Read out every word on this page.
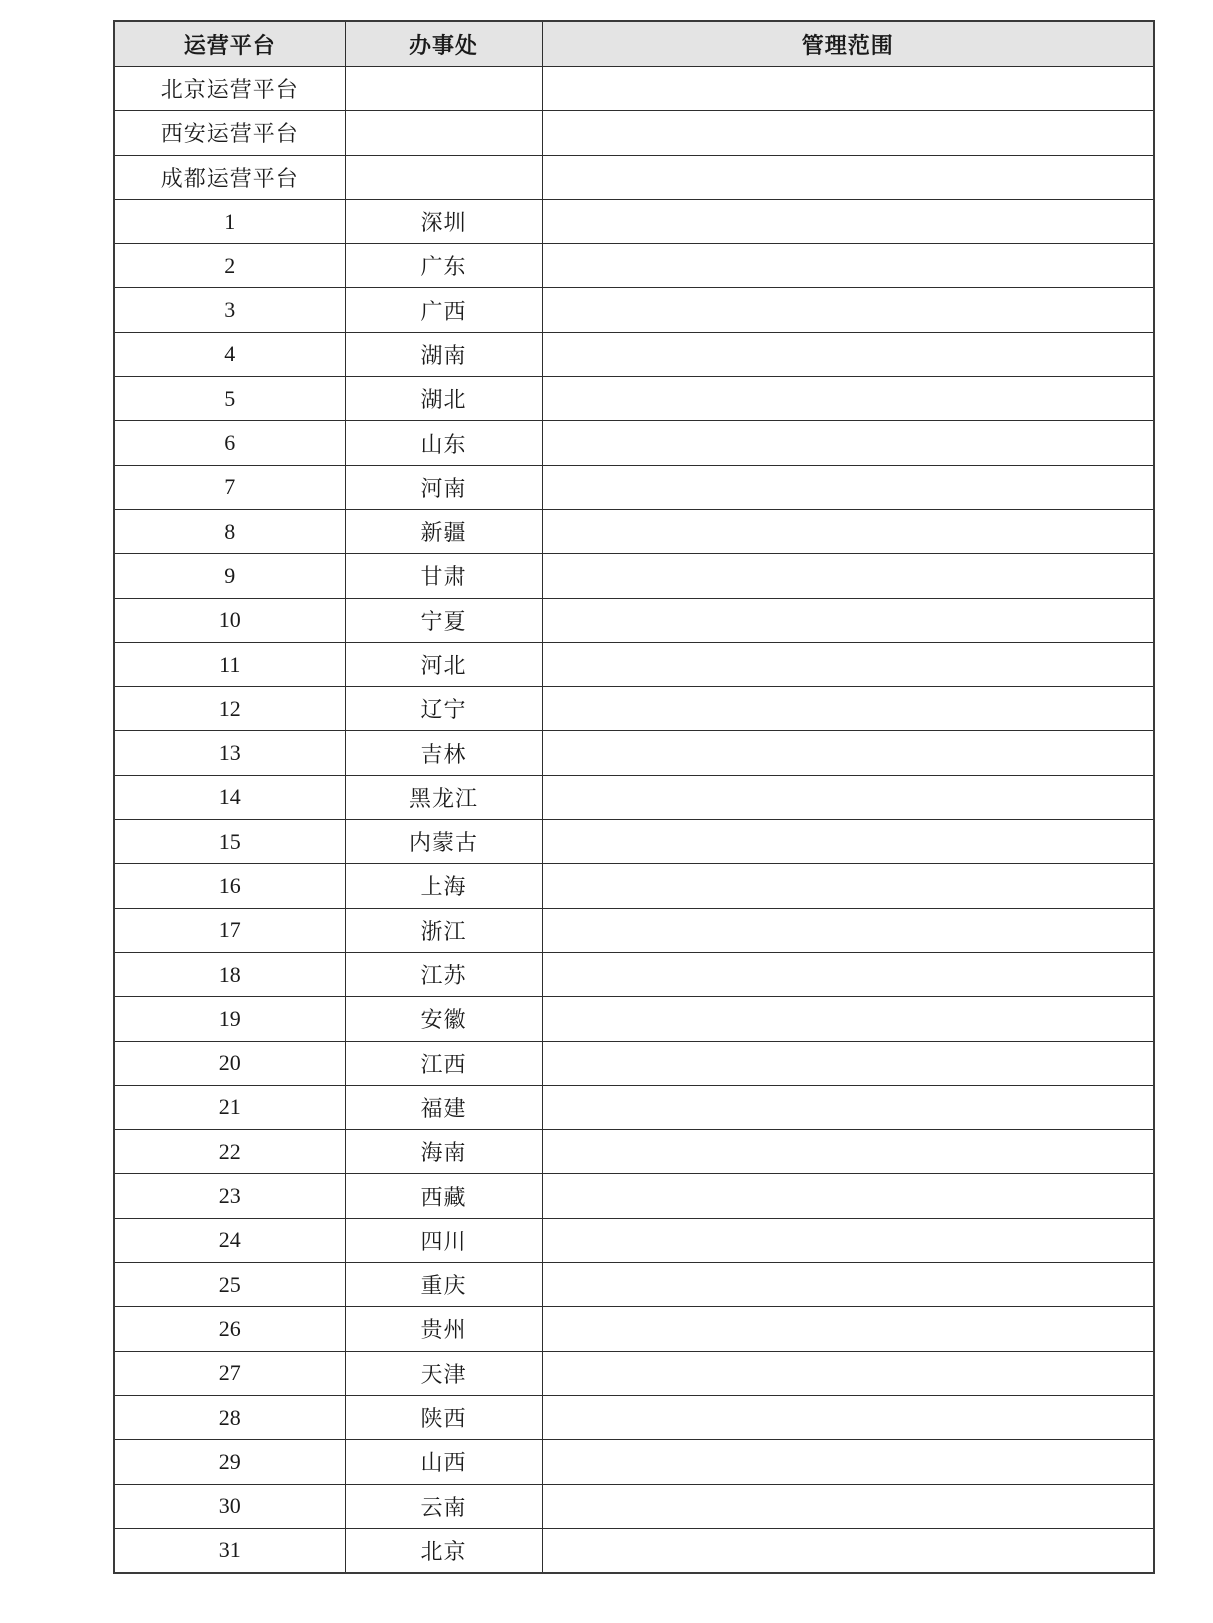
运营平台	办事处	管理范围
北京运营平台		
西安运营平台		
成都运营平台		
1	深圳	
2	广东	
3	广西	
4	湖南	
5	湖北	
6	山东	
7	河南	
8	新疆	
9	甘肃	
10	宁夏	
11	河北	
12	辽宁	
13	吉林	
14	黑龙江	
15	内蒙古	
16	上海	
17	浙江	
18	江苏	
19	安徽	
20	江西	
21	福建	
22	海南	
23	西藏	
24	四川	
25	重庆	
26	贵州	
27	天津	
28	陕西	
29	山西	
30	云南	
31	北京	
